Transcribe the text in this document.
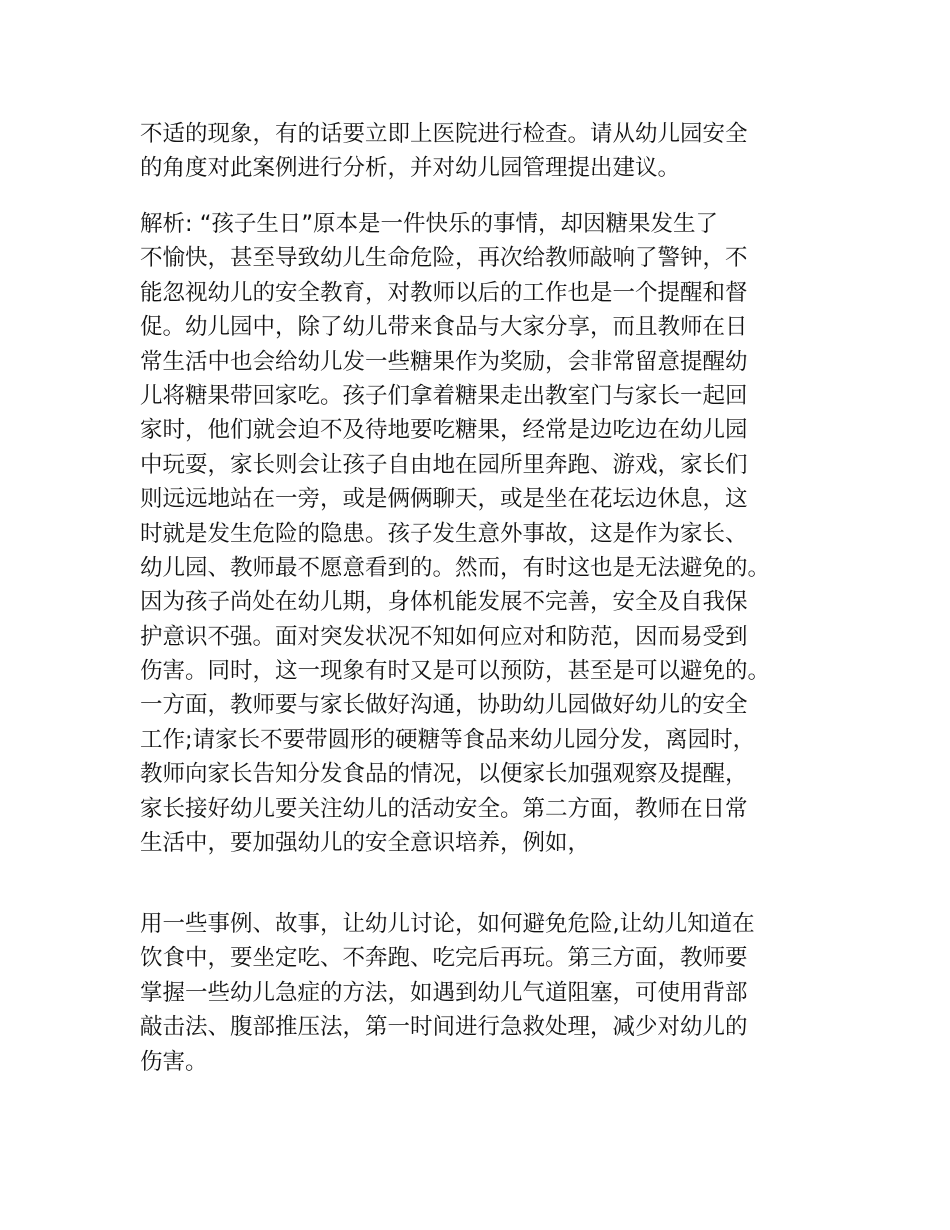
不适的现象，有的话要立即上医院进行检查。请从幼儿园安全
的角度对此案例进行分析，并对幼儿园管理提出建议。
解析: “孩子生日”原本是一件快乐的事情，却因糖果发生了
不愉快，甚至导致幼儿生命危险，再次给教师敲响了警钟，不
能忽视幼儿的安全教育，对教师以后的工作也是一个提醒和督
促。幼儿园中，除了幼儿带来食品与大家分享，而且教师在日
常生活中也会给幼儿发一些糖果作为奖励，会非常留意提醒幼
儿将糖果带回家吃。孩子们拿着糖果走出教室门与家长一起回
家时，他们就会迫不及待地要吃糖果，经常是边吃边在幼儿园
中玩耍，家长则会让孩子自由地在园所里奔跑、游戏，家长们
则远远地站在一旁，或是俩俩聊天，或是坐在花坛边休息，这
时就是发生危险的隐患。孩子发生意外事故，这是作为家长、
幼儿园、教师最不愿意看到的。然而，有时这也是无法避免的。
因为孩子尚处在幼儿期，身体机能发展不完善，安全及自我保
护意识不强。面对突发状况不知如何应对和防范，因而易受到
伤害。同时，这一现象有时又是可以预防，甚至是可以避免的。
一方面，教师要与家长做好沟通，协助幼儿园做好幼儿的安全
工作;请家长不要带圆形的硬糖等食品来幼儿园分发，离园时，
教师向家长告知分发食品的情况，以便家长加强观察及提醒，
家长接好幼儿要关注幼儿的活动安全。第二方面，教师在日常
生活中，要加强幼儿的安全意识培养，例如，
用一些事例、故事，让幼儿讨论，如何避免危险,让幼儿知道在
饮食中，要坐定吃、不奔跑、吃完后再玩。第三方面，教师要
掌握一些幼儿急症的方法，如遇到幼儿气道阻塞，可使用背部
敲击法、腹部推压法，第一时间进行急救处理，减少对幼儿的
伤害。
